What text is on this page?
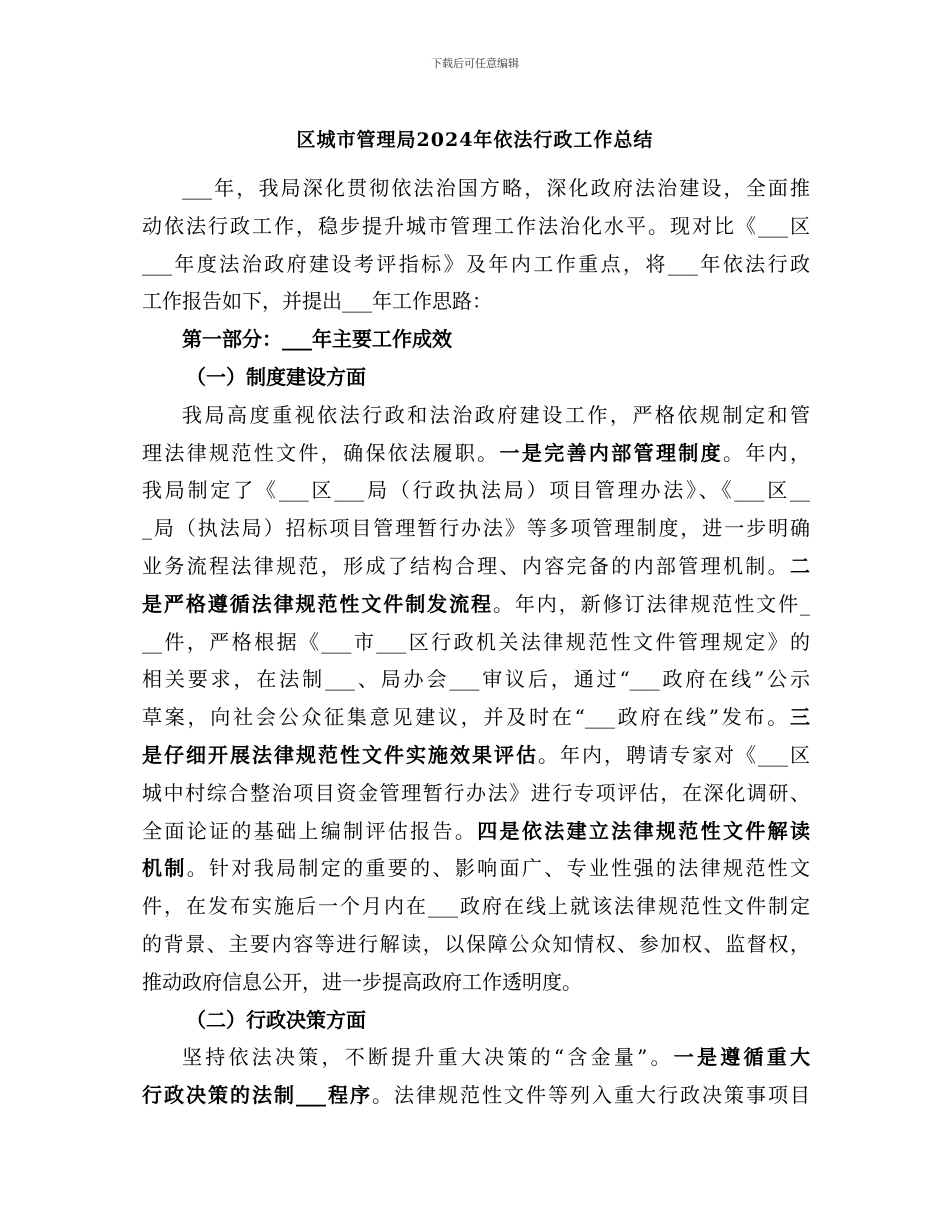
下载后可任意编辑
区城市管理局2024年依法行政工作总结
___年，我局深化贯彻依法治国方略，深化政府法治建设，全面推
动依法行政工作，稳步提升城市管理工作法治化水平。现对比《___区
___年度法治政府建设考评指标》及年内工作重点，将___年依法行政
工作报告如下，并提出___年工作思路：
第一部分：___年主要工作成效
（一）制度建设方面
我局高度重视依法行政和法治政府建设工作，严格依规制定和管
理法律规范性文件，确保依法履职。一是完善内部管理制度。年内，
我局制定了《___区___局（行政执法局）项目管理办法》、《___区__
_局（执法局）招标项目管理暂行办法》等多项管理制度，进一步明确
业务流程法律规范，形成了结构合理、内容完备的内部管理机制。二
是严格遵循法律规范性文件制发流程。年内，新修订法律规范性文件_
__件，严格根据《___市___区行政机关法律规范性文件管理规定》的
相关要求，在法制___、局办会___审议后，通过“___政府在线”公示
草案，向社会公众征集意见建议，并及时在“___政府在线”发布。三
是仔细开展法律规范性文件实施效果评估。年内，聘请专家对《___区
城中村综合整治项目资金管理暂行办法》进行专项评估，在深化调研、
全面论证的基础上编制评估报告。四是依法建立法律规范性文件解读
机制。针对我局制定的重要的、影响面广、专业性强的法律规范性文
件，在发布实施后一个月内在___政府在线上就该法律规范性文件制定
的背景、主要内容等进行解读，以保障公众知情权、参加权、监督权，
推动政府信息公开，进一步提高政府工作透明度。
（二）行政决策方面
坚持依法决策，不断提升重大决策的“含金量”。一是遵循重大
行政决策的法制___程序。法律规范性文件等列入重大行政决策事项目
